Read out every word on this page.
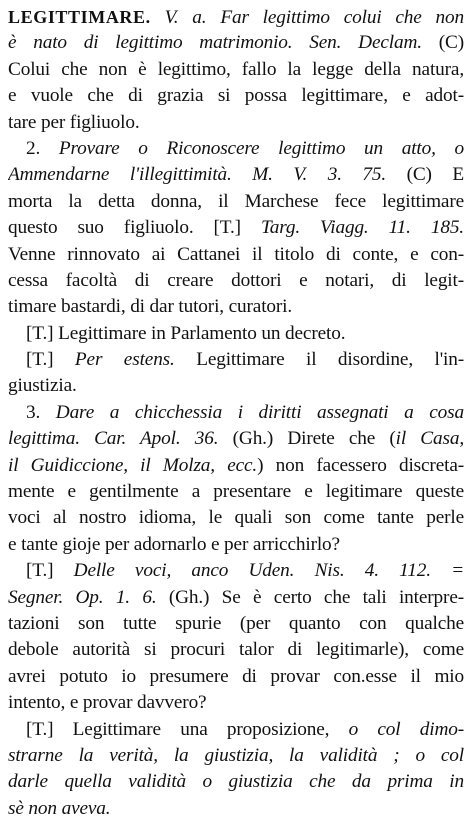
LEGITTIMARE. V. a. Far legittimo colui che non
è nato di legittimo matrimonio. Sen. Declam. (C)
Colui che non è legittimo, fallo la legge della natura,
e vuole che di grazia si possa legittimare, e adot-
tare per figliuolo.
2. Provare o Riconoscere legittimo un atto, o
Ammendarne l'illegittimità. M. V. 3. 75. (C) E
morta la detta donna, il Marchese fece legittimare
questo suo figliuolo. [T.] Targ. Viagg. 11. 185.
Venne rinnovato ai Cattanei il titolo di conte, e con-
cessa facoltà di creare dottori e notari, di legit-
timare bastardi, di dar tutori, curatori.
[T.] Legittimare in Parlamento un decreto.
[T.] Per estens. Legittimare il disordine, l'in-
giustizia.
3. Dare a chicchessia i diritti assegnati a cosa
legittima. Car. Apol. 36. (Gh.) Direte che (il Casa,
il Guidiccione, il Molza, ecc.) non facessero discreta-
mente e gentilmente a presentare e legitimare queste
voci al nostro idioma, le quali son come tante perle
e tante gioje per adornarlo e per arricchirlo?
[T.] Delle voci, anco Uden. Nis. 4. 112. =
Segner. Op. 1. 6. (Gh.) Se è certo che tali interpre-
tazioni son tutte spurie (per quanto con qualche
debole autorità si procuri talor di legitimarle), come
avrei potuto io presumere di provar con.esse il mio
intento, e provar davvero?
[T.] Legittimare una proposizione, o col dimo-
strarne la verità, la giustizia, la validità ; o col
darle quella validità o giustizia che da prima in
sè non aveva.
